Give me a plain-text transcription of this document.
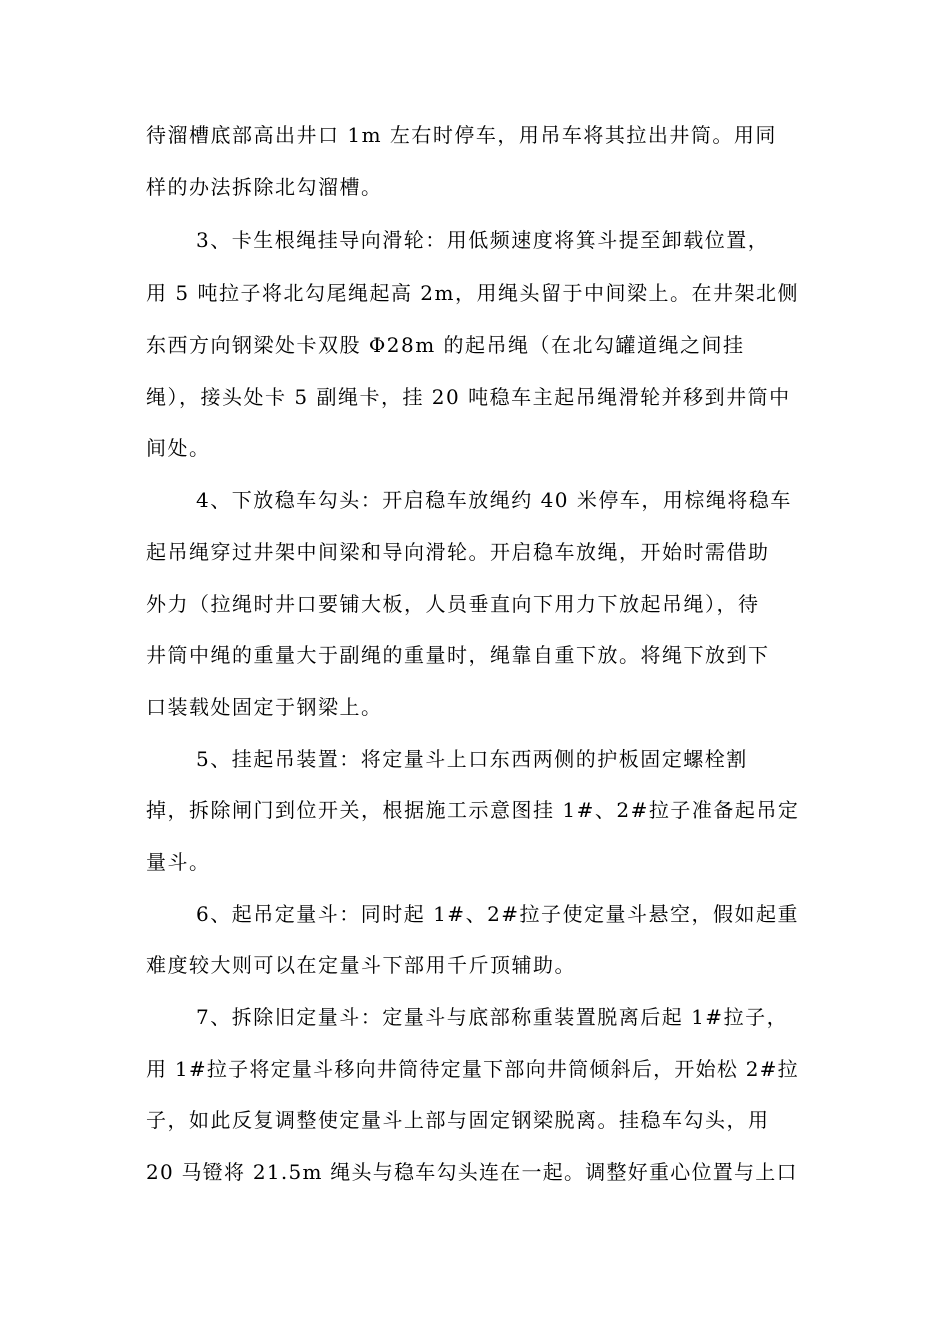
待溜槽底部高出井口 1m 左右时停车，用吊车将其拉出井筒。用同
样的办法拆除北勾溜槽。
3、卡生根绳挂导向滑轮：用低频速度将箕斗提至卸载位置，
用 5 吨拉子将北勾尾绳起高 2m，用绳头留于中间梁上。在井架北侧
东西方向钢梁处卡双股 Φ28m 的起吊绳（在北勾罐道绳之间挂
绳），接头处卡 5 副绳卡，挂 20 吨稳车主起吊绳滑轮并移到井筒中
间处。
4、下放稳车勾头：开启稳车放绳约 40 米停车，用棕绳将稳车
起吊绳穿过井架中间梁和导向滑轮。开启稳车放绳，开始时需借助
外力（拉绳时井口要铺大板，人员垂直向下用力下放起吊绳），待
井筒中绳的重量大于副绳的重量时，绳靠自重下放。将绳下放到下
口装载处固定于钢梁上。
5、挂起吊装置：将定量斗上口东西两侧的护板固定螺栓割
掉，拆除闸门到位开关，根据施工示意图挂 1#、2#拉子准备起吊定
量斗。
6、起吊定量斗：同时起 1#、2#拉子使定量斗悬空，假如起重
难度较大则可以在定量斗下部用千斤顶辅助。
7、拆除旧定量斗：定量斗与底部称重装置脱离后起 1#拉子，
用 1#拉子将定量斗移向井筒待定量下部向井筒倾斜后，开始松 2#拉
子，如此反复调整使定量斗上部与固定钢梁脱离。挂稳车勾头，用
20 马镫将 21.5m 绳头与稳车勾头连在一起。调整好重心位置与上口
